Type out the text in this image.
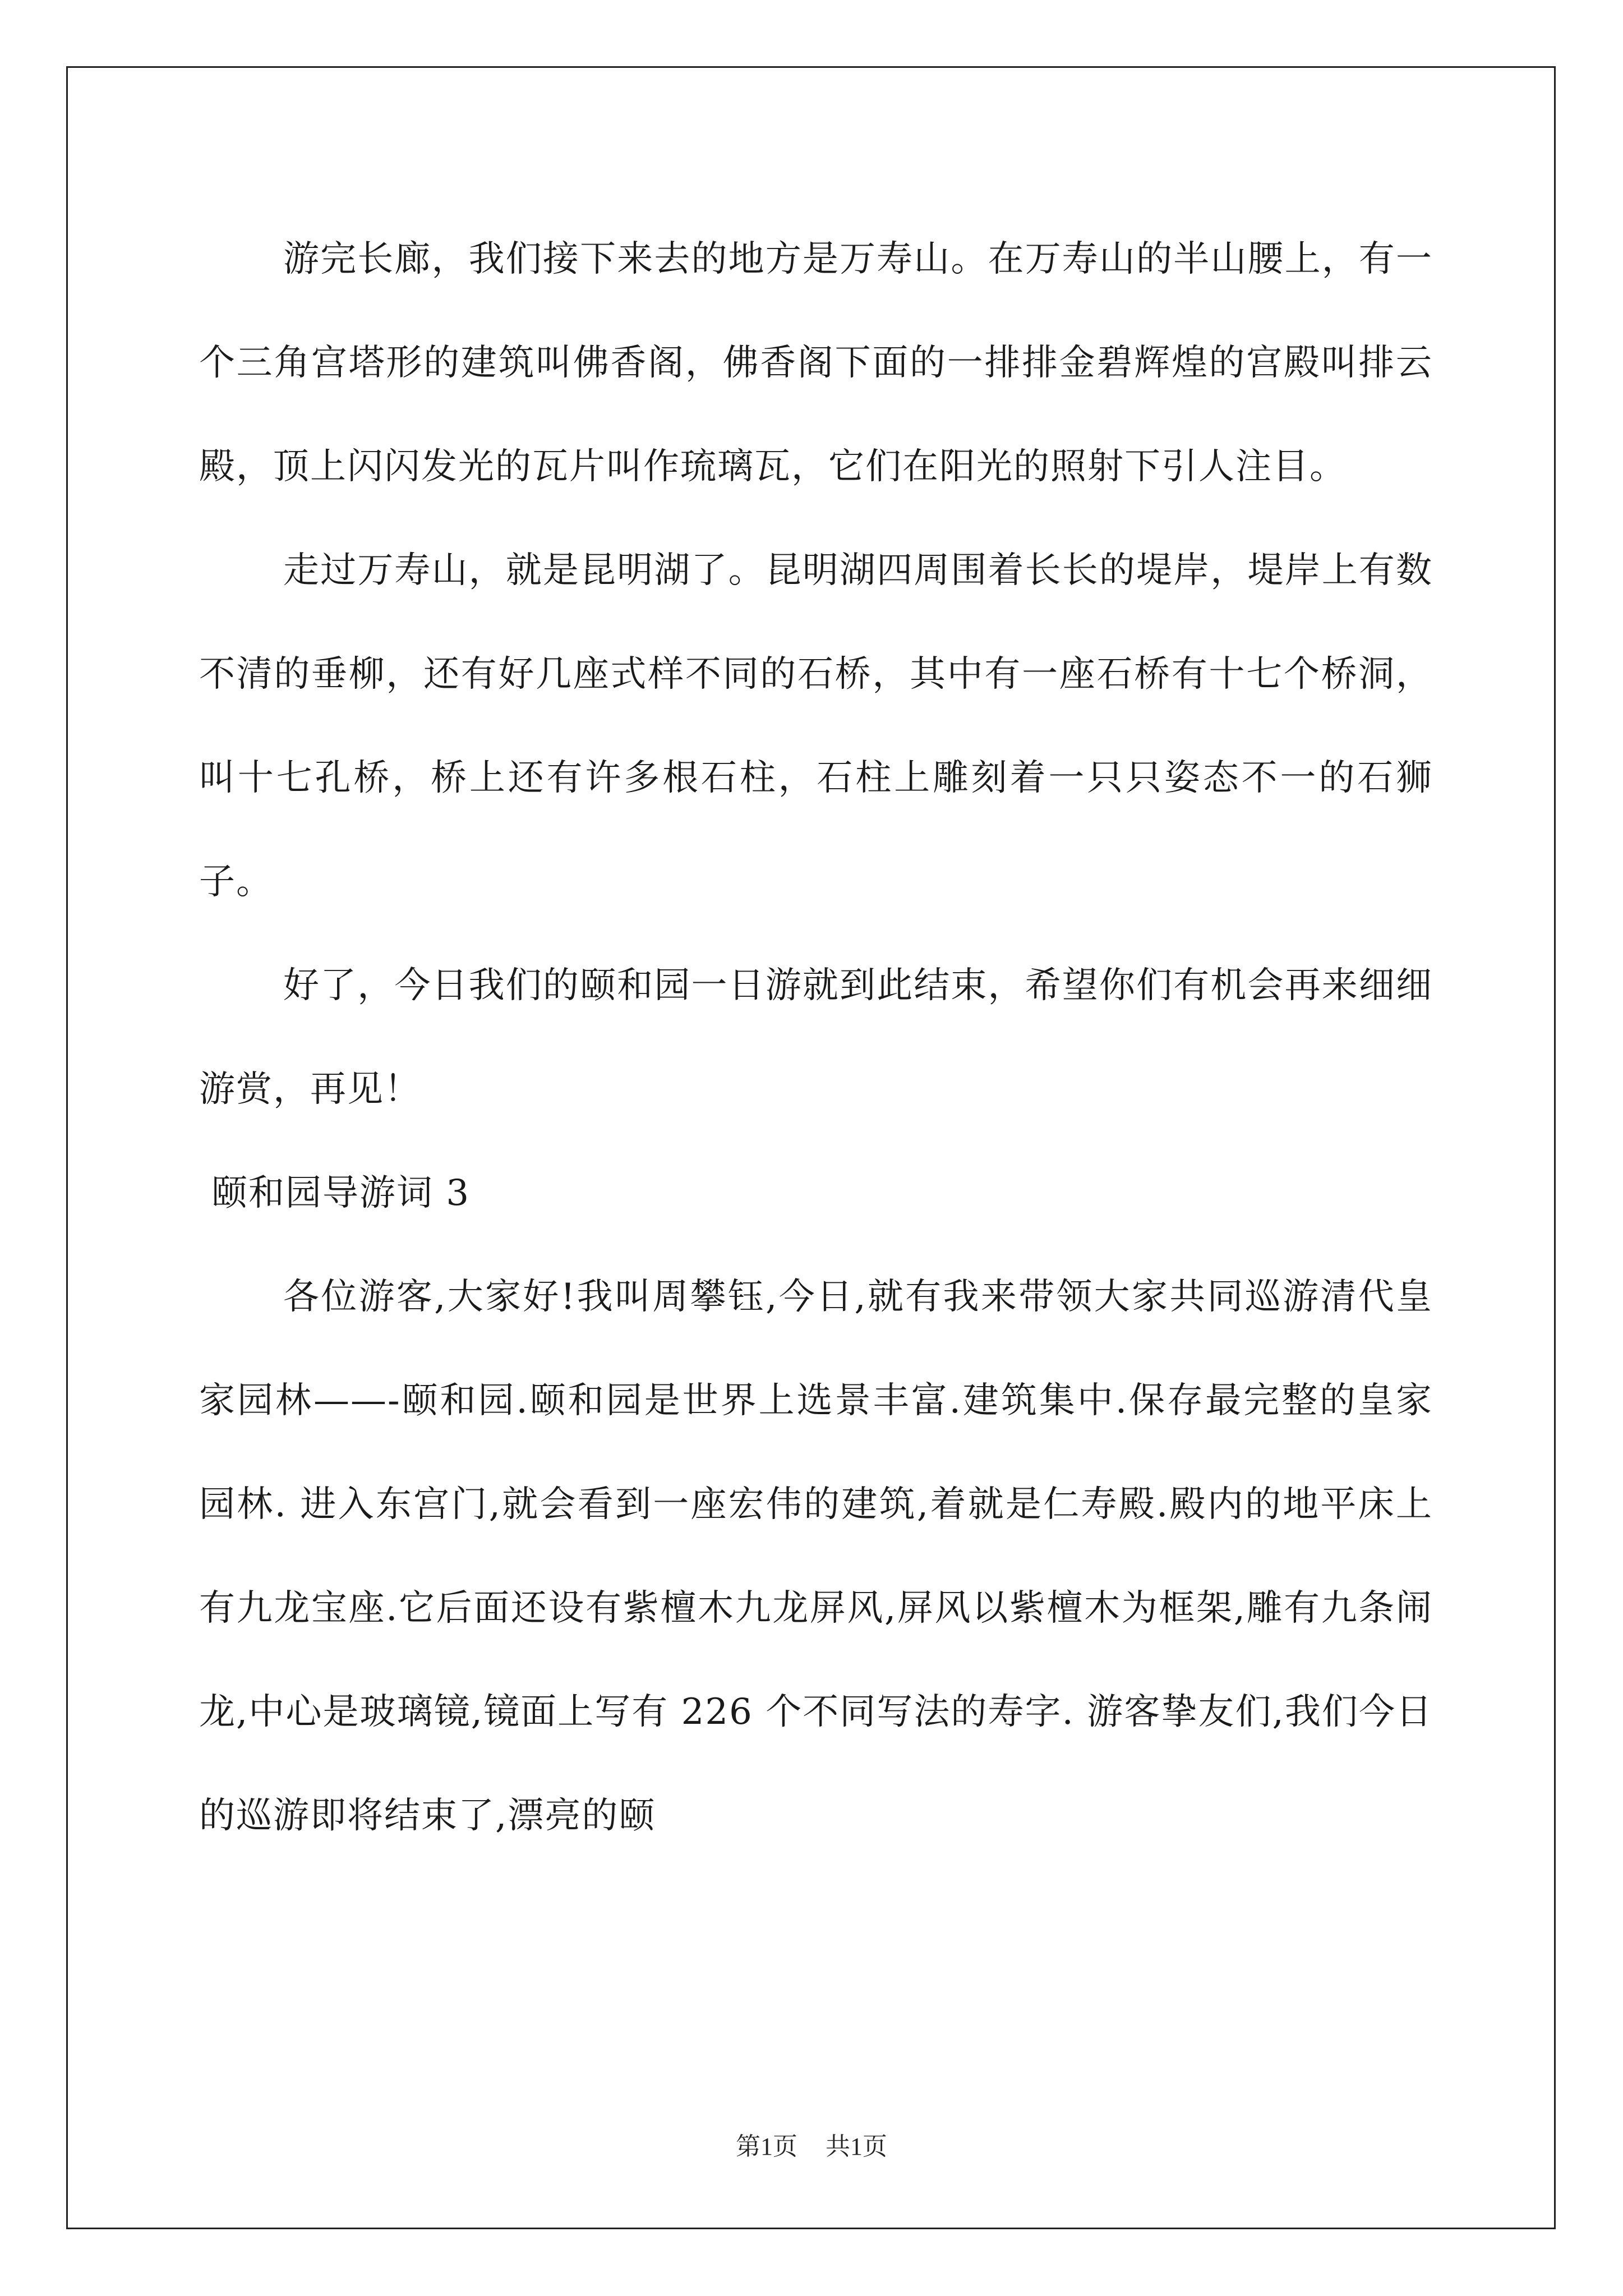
游完长廊，我们接下来去的地方是万寿山。在万寿山的半山腰上，有一个三角宫塔形的建筑叫佛香阁，佛香阁下面的一排排金碧辉煌的宫殿叫排云殿，顶上闪闪发光的瓦片叫作琉璃瓦，它们在阳光的照射下引人注目。

走过万寿山，就是昆明湖了。昆明湖四周围着长长的堤岸，堤岸上有数不清的垂柳，还有好几座式样不同的石桥，其中有一座石桥有十七个桥洞，叫十七孔桥，桥上还有许多根石柱，石柱上雕刻着一只只姿态不一的石狮子。

好了，今日我们的颐和园一日游就到此结束，希望你们有机会再来细细游赏，再见！

颐和园导游词 3

各位游客,大家好!我叫周攀钰,今日,就有我来带领大家共同巡游清代皇家园林——-颐和园.颐和园是世界上选景丰富.建筑集中.保存最完整的皇家园林. 进入东宫门,就会看到一座宏伟的建筑,着就是仁寿殿.殿内的地平床上有九龙宝座.它后面还设有紫檀木九龙屏风,屏风以紫檀木为框架,雕有九条闹龙,中心是玻璃镜,镜面上写有 226 个不同写法的寿字. 游客挚友们,我们今日的巡游即将结束了,漂亮的颐

第1页 共1页
